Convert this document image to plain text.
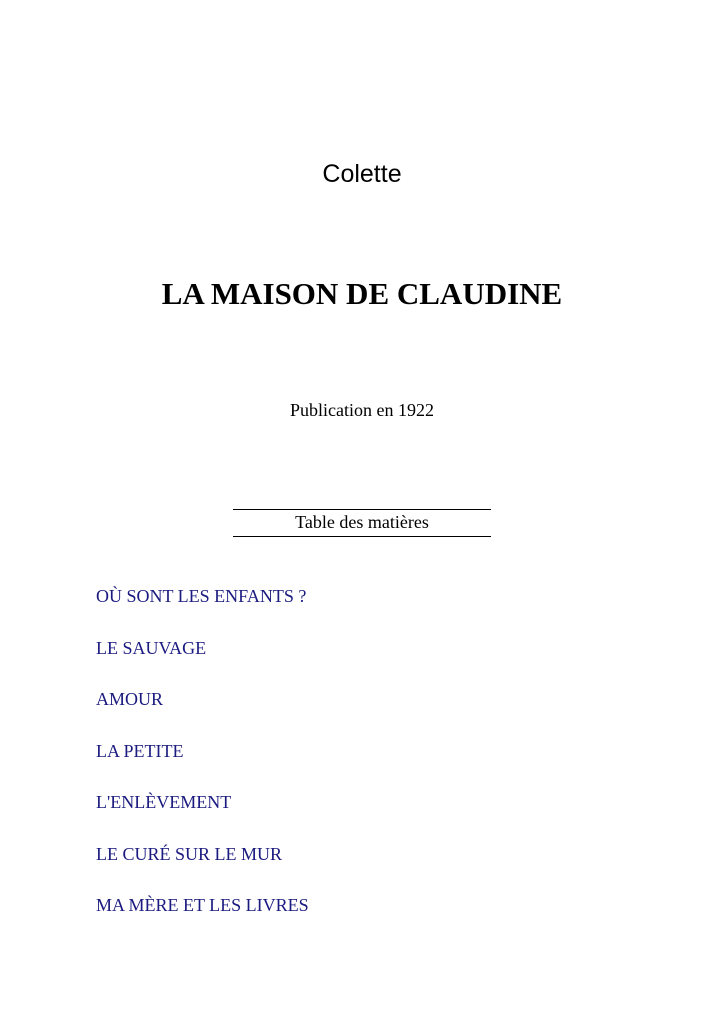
Colette
LA MAISON DE CLAUDINE
Publication en 1922
Table des matières
OÙ SONT LES ENFANTS ?
LE SAUVAGE
AMOUR
LA PETITE
L'ENLÈVEMENT
LE CURÉ SUR LE MUR
MA MÈRE ET LES LIVRES
